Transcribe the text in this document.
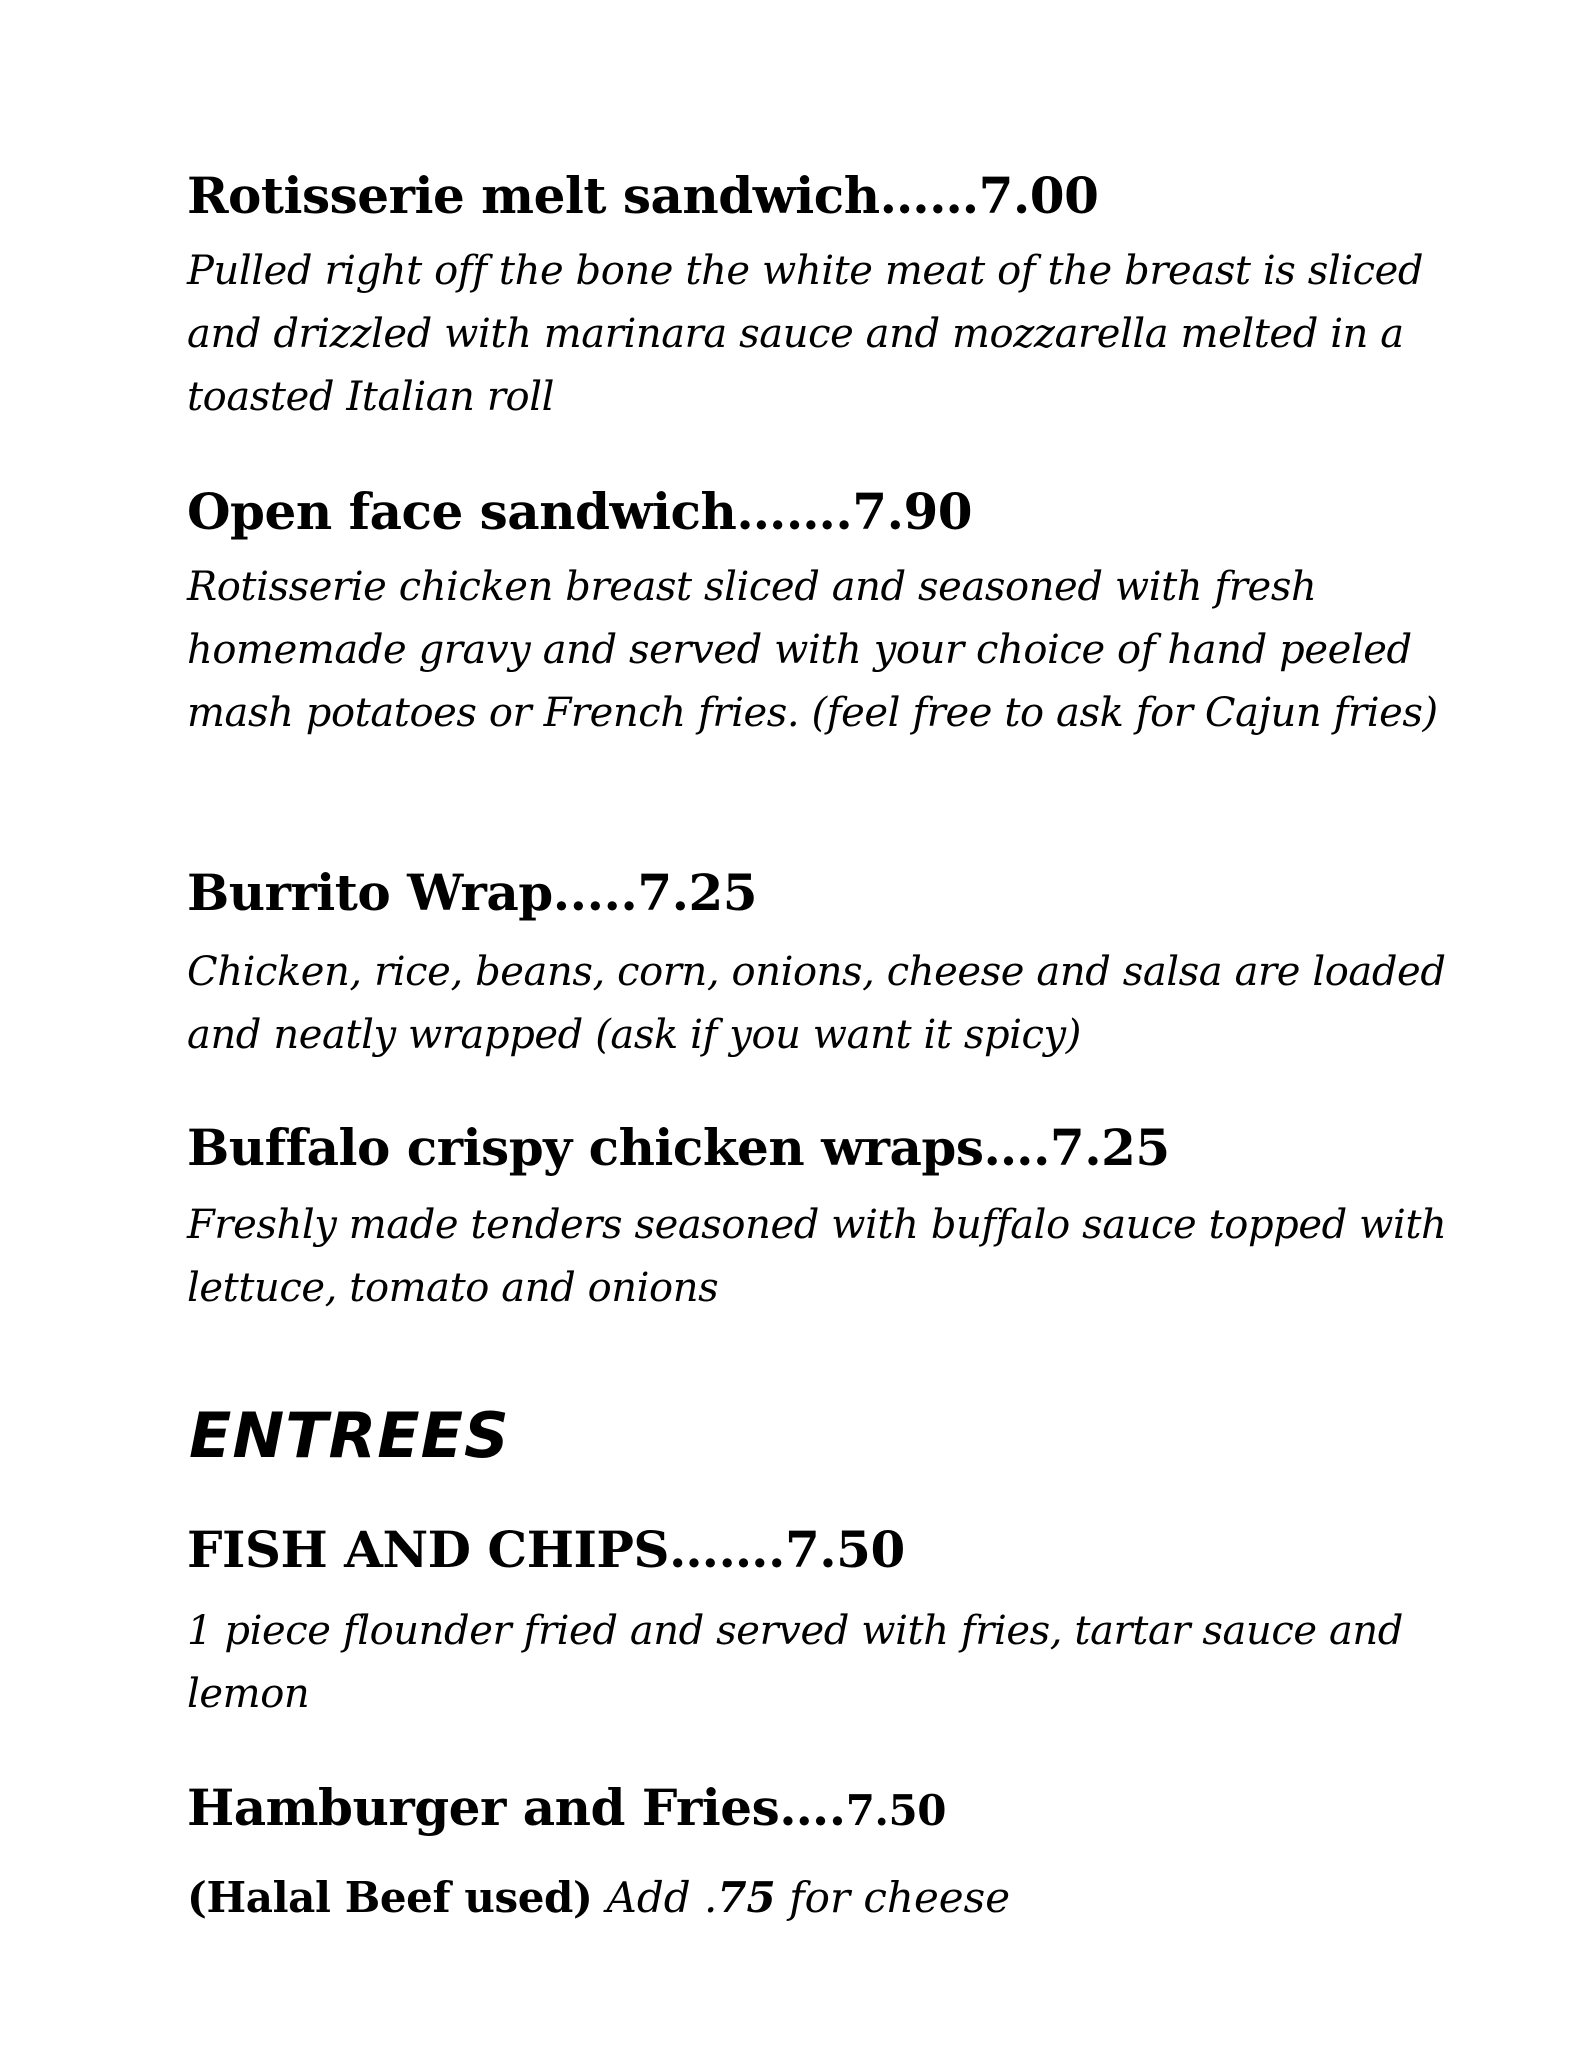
Rotisserie melt sandwich……7.00

Pulled right off the bone the white meat of the breast is sliced and drizzled with marinara sauce and mozzarella melted in a toasted Italian roll

Open face sandwich…….7.90

Rotisserie chicken breast sliced and seasoned with fresh homemade gravy and served with your choice of hand peeled mash potatoes or French fries. (feel free to ask for Cajun fries)

Burrito Wrap.....7.25

Chicken, rice, beans, corn, onions, cheese and salsa are loaded and neatly wrapped (ask if you want it spicy)

Buffalo crispy chicken wraps….7.25

Freshly made tenders seasoned with buffalo sauce topped with lettuce, tomato and onions

ENTREES

FISH AND CHIPS…….7.50

1 piece flounder fried and served with fries, tartar sauce and lemon

Hamburger and Fries….7.50

(Halal Beef used) Add .75 for cheese
